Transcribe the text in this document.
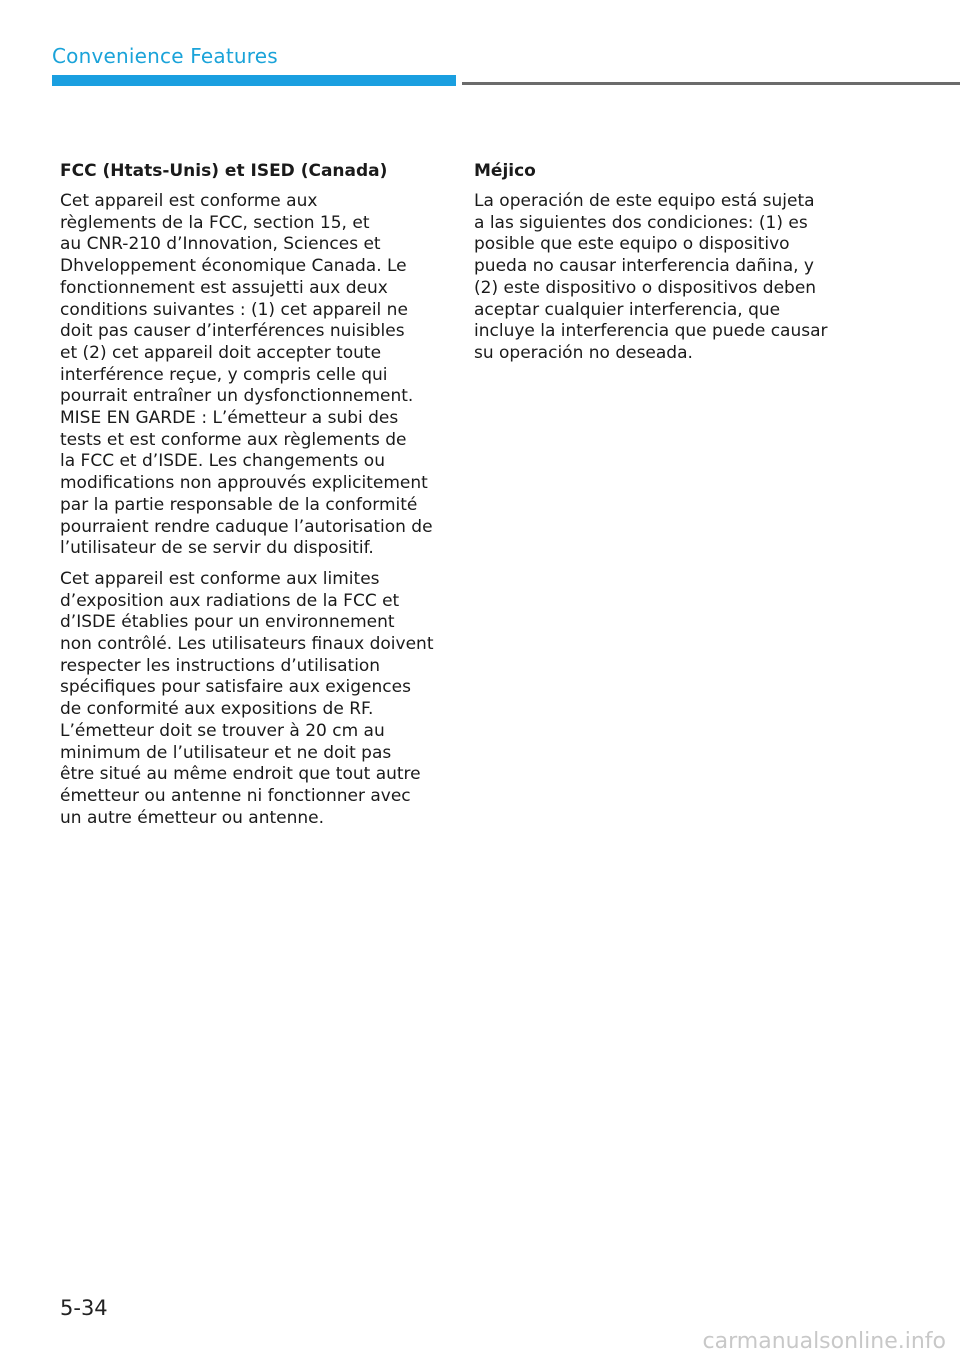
Convenience Features
FCC (Htats-Unis) et ISED (Canada)
Cet appareil est conforme aux
règlements de la FCC, section 15, et
au CNR-210 d’Innovation, Sciences et
Dhveloppement économique Canada. Le
fonctionnement est assujetti aux deux
conditions suivantes : (1) cet appareil ne
doit pas causer d’interférences nuisibles
et (2) cet appareil doit accepter toute
interférence reçue, y compris celle qui
pourrait entraîner un dysfonctionnement.
MISE EN GARDE : L’émetteur a subi des
tests et est conforme aux règlements de
la FCC et d’ISDE. Les changements ou
modifications non approuvés explicitement
par la partie responsable de la conformité
pourraient rendre caduque l’autorisation de
l’utilisateur de se servir du dispositif.
Cet appareil est conforme aux limites
d’exposition aux radiations de la FCC et
d’ISDE établies pour un environnement
non contrôlé. Les utilisateurs finaux doivent
respecter les instructions d’utilisation
spécifiques pour satisfaire aux exigences
de conformité aux expositions de RF.
L’émetteur doit se trouver à 20 cm au
minimum de l’utilisateur et ne doit pas
être situé au même endroit que tout autre
émetteur ou antenne ni fonctionner avec
un autre émetteur ou antenne.
Méjico
La operación de este equipo está sujeta
a las siguientes dos condiciones: (1) es
posible que este equipo o dispositivo
pueda no causar interferencia dañina, y
(2) este dispositivo o dispositivos deben
aceptar cualquier interferencia, que
incluye la interferencia que puede causar
su operación no deseada.
5-34
carmanualsonline.info
